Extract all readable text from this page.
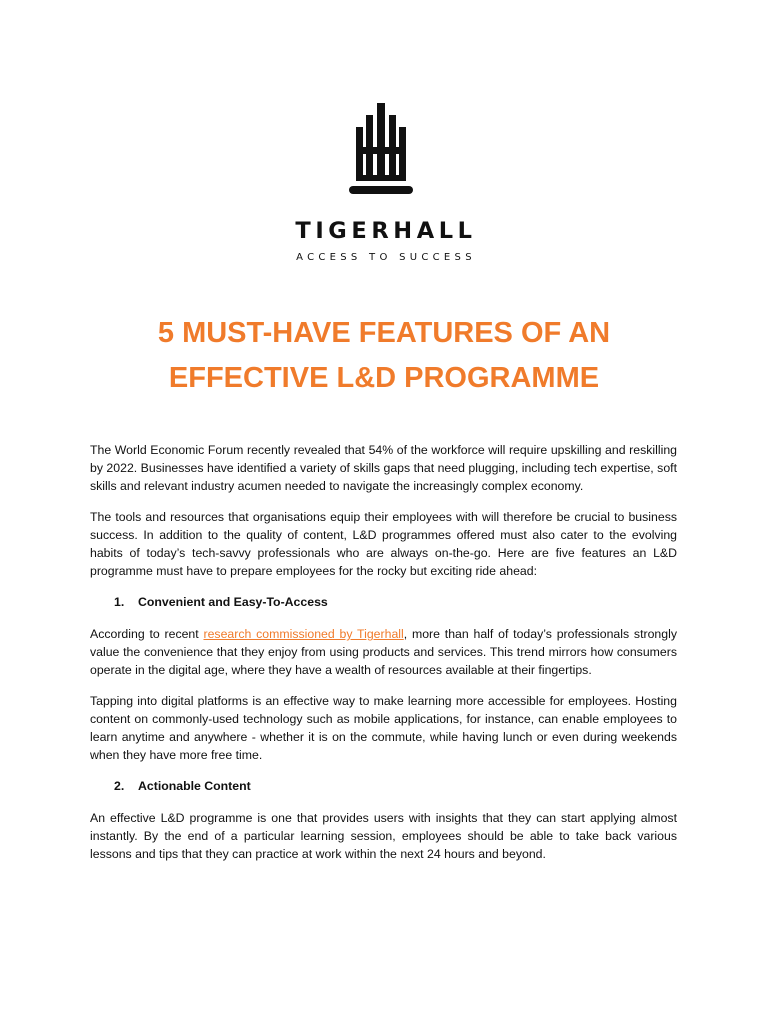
TIGERHALL
ACCESS TO SUCCESS
5 MUST-HAVE FEATURES OF AN
EFFECTIVE L&D PROGRAMME

The World Economic Forum recently revealed that 54% of the workforce will require upskilling and reskilling by 2022. Businesses have identified a variety of skills gaps that need plugging, including tech expertise, soft skills and relevant industry acumen needed to navigate the increasingly complex economy.

The tools and resources that organisations equip their employees with will therefore be crucial to business success. In addition to the quality of content, L&D programmes offered must also cater to the evolving habits of today’s tech-savvy professionals who are always on-the-go. Here are five features an L&D programme must have to prepare employees for the rocky but exciting ride ahead:

1. Convenient and Easy-To-Access

According to recent research commissioned by Tigerhall, more than half of today’s professionals strongly value the convenience that they enjoy from using products and services. This trend mirrors how consumers operate in the digital age, where they have a wealth of resources available at their fingertips.

Tapping into digital platforms is an effective way to make learning more accessible for employees. Hosting content on commonly-used technology such as mobile applications, for instance, can enable employees to learn anytime and anywhere - whether it is on the commute, while having lunch or even during weekends when they have more free time.

2. Actionable Content

An effective L&D programme is one that provides users with insights that they can start applying almost instantly. By the end of a particular learning session, employees should be able to take back various lessons and tips that they can practice at work within the next 24 hours and beyond.
